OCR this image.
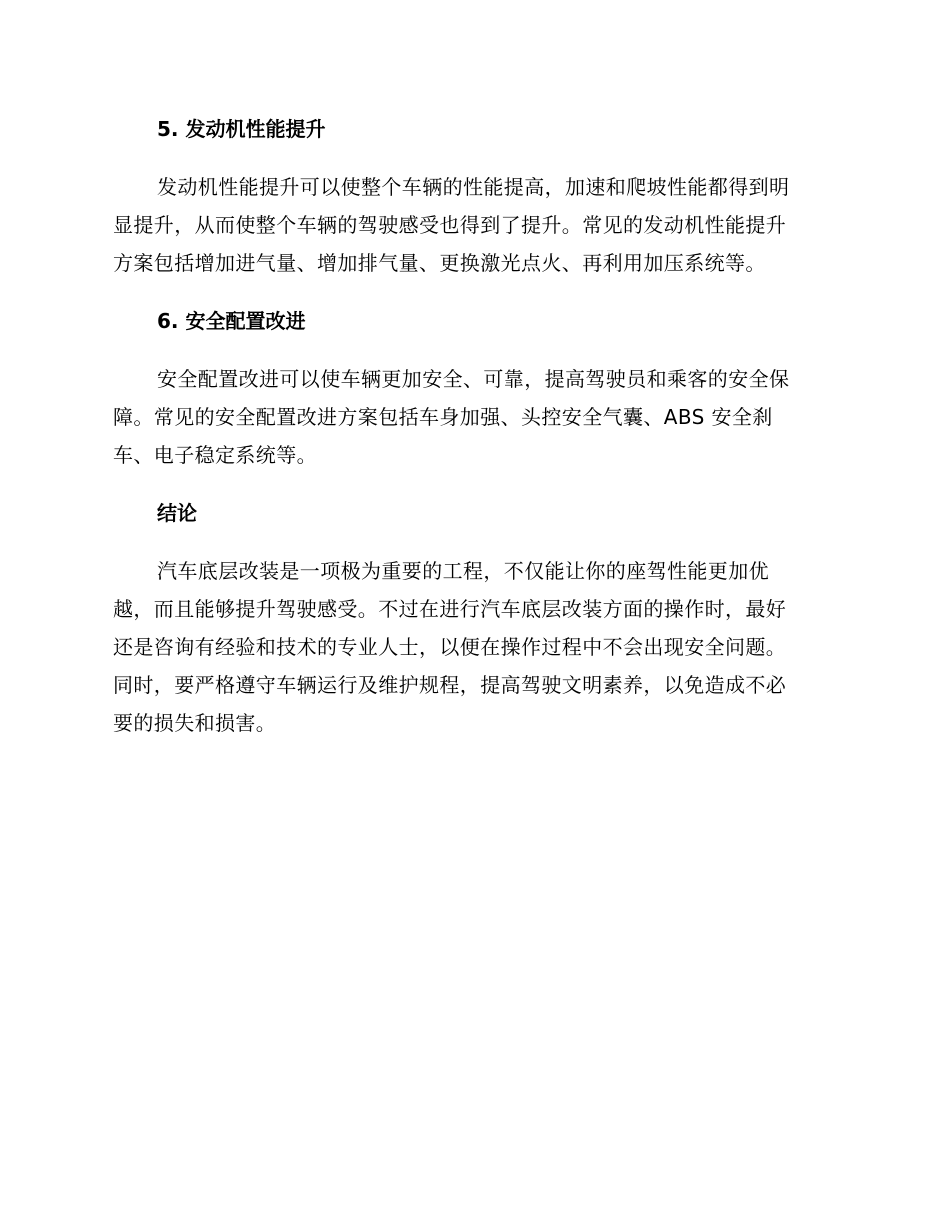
5. 发动机性能提升

发动机性能提升可以使整个车辆的性能提高，加速和爬坡性能都得到明
显提升，从而使整个车辆的驾驶感受也得到了提升。常见的发动机性能提升
方案包括增加进气量、增加排气量、更换激光点火、再利用加压系统等。

6. 安全配置改进

安全配置改进可以使车辆更加安全、可靠，提高驾驶员和乘客的安全保
障。常见的安全配置改进方案包括车身加强、头控安全气囊、ABS 安全刹
车、电子稳定系统等。

结论

汽车底层改装是一项极为重要的工程，不仅能让你的座驾性能更加优
越，而且能够提升驾驶感受。不过在进行汽车底层改装方面的操作时，最好
还是咨询有经验和技术的专业人士，以便在操作过程中不会出现安全问题。
同时，要严格遵守车辆运行及维护规程，提高驾驶文明素养，以免造成不必
要的损失和损害。
